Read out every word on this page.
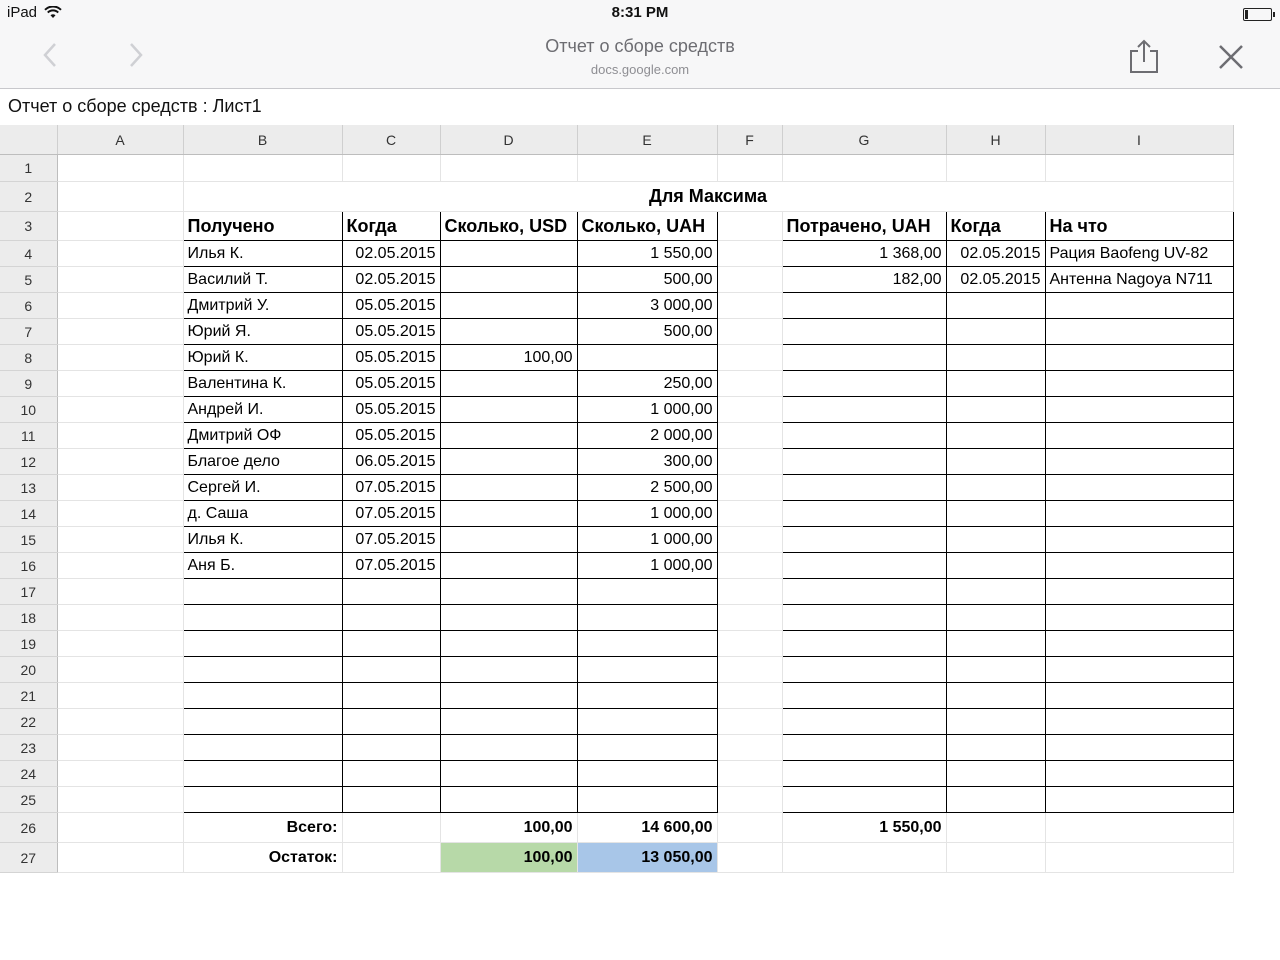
iPad	8:31 PM
Отчет о сборе средств
docs.google.com
Отчет о сборе средств : Лист1
	A	B	C	D	E	F	G	H	I	
1										
2		Для Максима								
3		Получено	Когда	Сколько, USD	Сколько, UAH		Потрачено, UAH	Когда	На что	
4		Илья К.	02.05.2015		1 550,00		1 368,00	02.05.2015	Рация Baofeng UV-82	
5		Василий Т.	02.05.2015		500,00		182,00	02.05.2015	Антенна Nagoya N711	
6		Дмитрий У.	05.05.2015		3 000,00					
7		Юрий Я.	05.05.2015		500,00					
8		Юрий К.	05.05.2015	100,00						
9		Валентина К.	05.05.2015		250,00					
10		Андрей И.	05.05.2015		1 000,00					
11		Дмитрий ОФ	05.05.2015		2 000,00					
12		Благое дело	06.05.2015		300,00					
13		Сергей И.	07.05.2015		2 500,00					
14		д. Саша	07.05.2015		1 000,00					
15		Илья К.	07.05.2015		1 000,00					
16		Аня Б.	07.05.2015		1 000,00					
17										
18										
19										
20										
21										
22										
23										
24										
25										
26		Всего:		100,00	14 600,00		1 550,00			
27		Остаток:		100,00	13 050,00					
